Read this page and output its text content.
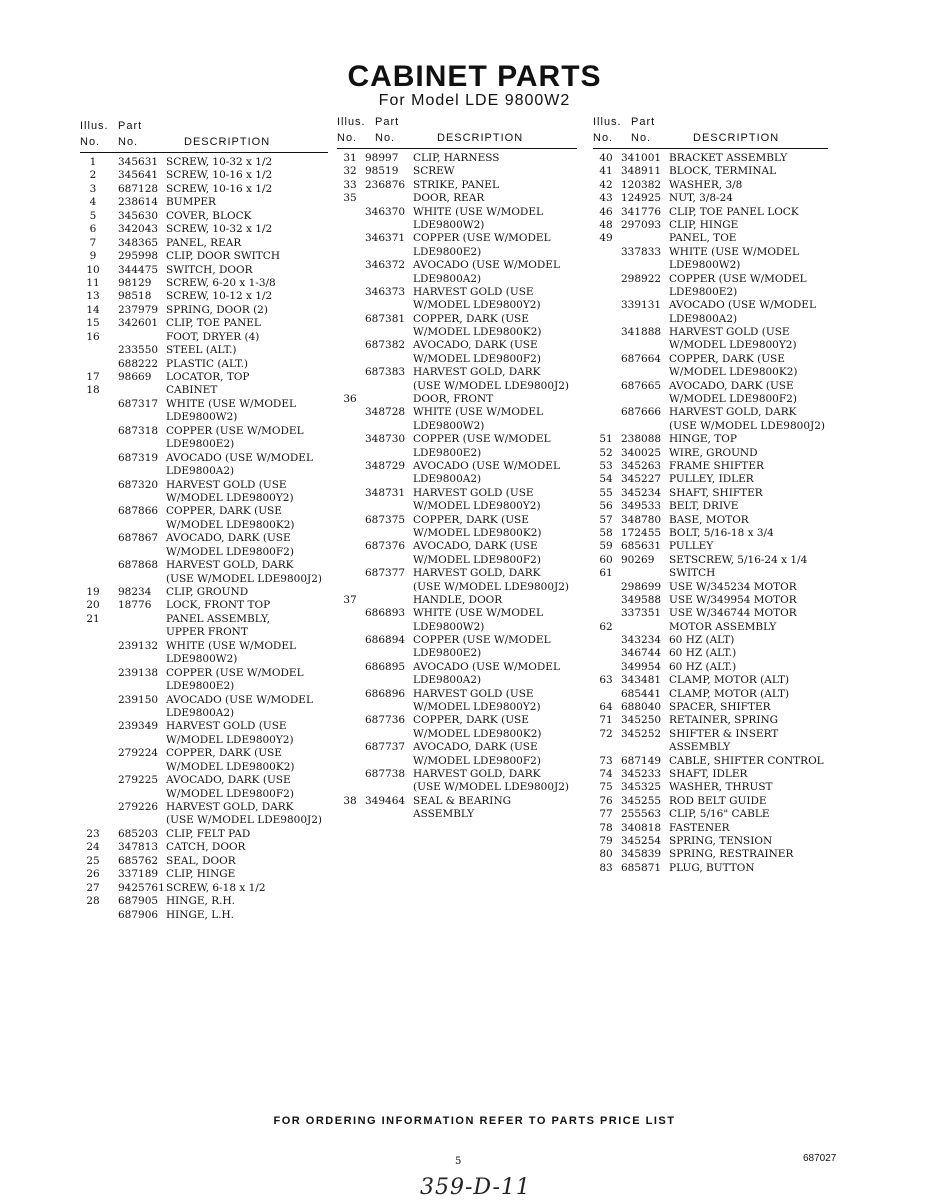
CABINET PARTS
For Model LDE 9800W2
Illus. Part
No. No.	DESCRIPTION
1	345631 SCREW, 10-32 x 1/2
2	345641 SCREW, 10-16 x 1/2
3	687128 SCREW, 10-16 x 1/2
4	238614 BUMPER
5	345630 COVER, BLOCK
6	342043 SCREW, 10-32 x 1/2
7	348365 PANEL, REAR
9	295998 CLIP, DOOR SWITCH
10	344475 SWITCH, DOOR
11	98129 SCREW, 6-20 x 1-3/8
13	98518 SCREW, 10-12 x 1/2
14	237979 SPRING, DOOR (2)
15	342601 CLIP, TOE PANEL
16	FOOT, DRYER (4)
233550 STEEL (ALT.)
688222 PLASTIC (ALT.)
17	98669 LOCATOR, TOP
18	CABINET
687317 WHITE (USE W/MODEL
LDE9800W2)
687318 COPPER (USE W/MODEL
LDE9800E2)
687319 AVOCADO (USE W/MODEL
LDE9800A2)
687320 HARVEST GOLD (USE
W/MODEL LDE9800Y2)
687866 COPPER, DARK (USE
W/MODEL LDE9800K2)
687867 AVOCADO, DARK (USE
W/MODEL LDE9800F2)
687868 HARVEST GOLD, DARK
(USE W/MODEL LDE9800J2)
19	98234 CLIP, GROUND
20	18776 LOCK, FRONT TOP
21	PANEL ASSEMBLY,
UPPER FRONT
239132 WHITE (USE W/MODEL
LDE9800W2)
239138 COPPER (USE W/MODEL
LDE9800E2)
239150 AVOCADO (USE W/MODEL
LDE9800A2)
239349 HARVEST GOLD (USE
W/MODEL LDE9800Y2)
279224 COPPER, DARK (USE
W/MODEL LDE9800K2)
279225 AVOCADO, DARK (USE
W/MODEL LDE9800F2)
279226 HARVEST GOLD, DARK
(USE W/MODEL LDE9800J2)
23	685203 CLIP, FELT PAD
24	347813 CATCH, DOOR
25	685762 SEAL, DOOR
26	337189 CLIP, HINGE
27	9425761 SCREW, 6-18 x 1/2
28	687905 HINGE, R.H.
687906 HINGE, L.H.
Illus. Part
No. No.	DESCRIPTION
31 98997 CLIP, HARNESS
32 98519 SCREW
33 236876 STRIKE, PANEL
35	DOOR, REAR
346370 WHITE (USE W/MODEL
LDE9800W2)
346371 COPPER (USE W/MODEL
LDE9800E2)
346372 AVOCADO (USE W/MODEL
LDE9800A2)
346373 HARVEST GOLD (USE
W/MODEL LDE9800Y2)
687381 COPPER, DARK (USE
W/MODEL LDE9800K2)
687382 AVOCADO, DARK (USE
W/MODEL LDE9800F2)
687383 HARVEST GOLD, DARK
(USE W/MODEL LDE9800J2)
36	DOOR, FRONT
348728 WHITE (USE W/MODEL
LDE9800W2)
348730 COPPER (USE W/MODEL
LDE9800E2)
348729 AVOCADO (USE W/MODEL
LDE9800A2)
348731 HARVEST GOLD (USE
W/MODEL LDE9800Y2)
687375 COPPER, DARK (USE
W/MODEL LDE9800K2)
687376 AVOCADO, DARK (USE
W/MODEL LDE9800F2)
687377 HARVEST GOLD, DARK
(USE W/MODEL LDE9800J2)
37	HANDLE, DOOR
686893 WHITE (USE W/MODEL
LDE9800W2)
686894 COPPER (USE W/MODEL
LDE9800E2)
686895 AVOCADO (USE W/MODEL
LDE9800A2)
686896 HARVEST GOLD (USE
W/MODEL LDE9800Y2)
687736 COPPER, DARK (USE
W/MODEL LDE9800K2)
687737 AVOCADO, DARK (USE
W/MODEL LDE9800F2)
687738 HARVEST GOLD, DARK
(USE W/MODEL LDE9800J2)
38 349464 SEAL & BEARING
ASSEMBLY
Illus. Part
No. No.	DESCRIPTION
40 341001 BRACKET ASSEMBLY
41 348911 BLOCK, TERMINAL
42 120382 WASHER, 3/8
43 124925 NUT, 3/8-24
46 341776 CLIP, TOE PANEL LOCK
48 297093 CLIP, HINGE
49	PANEL, TOE
337833 WHITE (USE W/MODEL
LDE9800W2)
298922 COPPER (USE W/MODEL
LDE9800E2)
339131 AVOCADO (USE W/MODEL
LDE9800A2)
341888 HARVEST GOLD (USE
W/MODEL LDE9800Y2)
687664 COPPER, DARK (USE
W/MODEL LDE9800K2)
687665 AVOCADO, DARK (USE
W/MODEL LDE9800F2)
687666 HARVEST GOLD, DARK
(USE W/MODEL LDE9800J2)
51 238088 HINGE, TOP
52 340025 WIRE, GROUND
53 345263 FRAME SHIFTER
54 345227 PULLEY, IDLER
55 345234 SHAFT, SHIFTER
56 349533 BELT, DRIVE
57 348780 BASE, MOTOR
58 172455 BOLT, 5/16-18 x 3/4
59 685631 PULLEY
60 90269 SETSCREW, 5/16-24 x 1/4
61	SWITCH
298699 USE W/345234 MOTOR
349588 USE W/349954 MOTOR
337351 USE W/346744 MOTOR
62	MOTOR ASSEMBLY
343234 60 HZ (ALT)
346744 60 HZ (ALT.)
349954 60 HZ (ALT.)
63 343481 CLAMP, MOTOR (ALT)
685441 CLAMP, MOTOR (ALT)
64 688040 SPACER, SHIFTER
71 345250 RETAINER, SPRING
72 345252 SHIFTER & INSERT
ASSEMBLY
73 687149 CABLE, SHIFTER CONTROL
74 345233 SHAFT, IDLER
75 345325 WASHER, THRUST
76 345255 ROD BELT GUIDE
77 255563 CLIP, 5/16" CABLE
78 340818 FASTENER
79 345254 SPRING, TENSION
80 345839 SPRING, RESTRAINER
83 685871 PLUG, BUTTON
FOR ORDERING INFORMATION REFER TO PARTS PRICE LIST
5	687027
359-D-11
